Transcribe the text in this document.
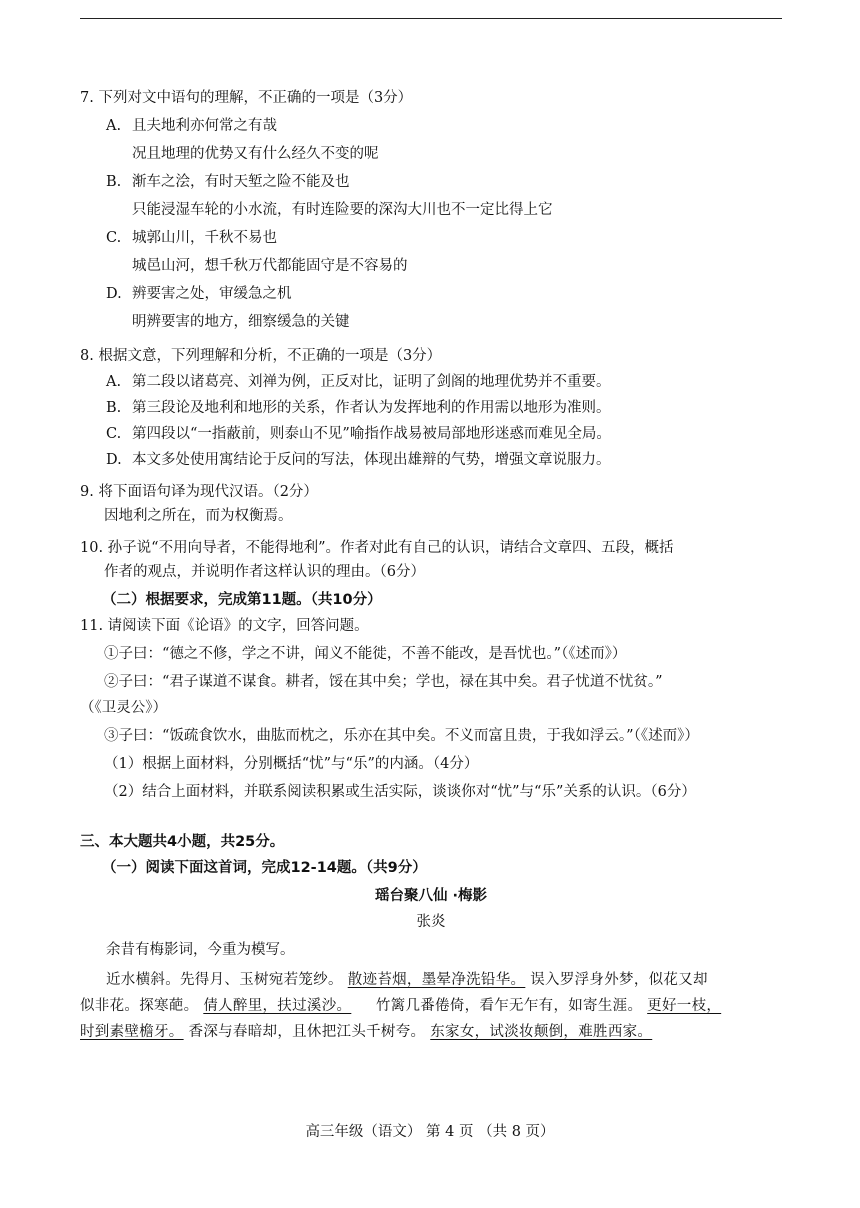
7. 下列对文中语句的理解，不正确的一项是（3分）

A. 且夫地利亦何常之有哉

况且地理的优势又有什么经久不变的呢

B. 渐车之浍，有时天堑之险不能及也

只能浸湿车轮的小水流，有时连险要的深沟大川也不一定比得上它

C. 城郭山川，千秋不易也

城邑山河，想千秋万代都能固守是不容易的

D. 辨要害之处，审缓急之机

明辨要害的地方，细察缓急的关键

8. 根据文意，下列理解和分析，不正确的一项是（3分）

A. 第二段以诸葛亮、刘禅为例，正反对比，证明了剑阁的地理优势并不重要。

B. 第三段论及地利和地形的关系，作者认为发挥地利的作用需以地形为准则。

C. 第四段以“一指蔽前，则泰山不见”喻指作战易被局部地形迷惑而难见全局。

D. 本文多处使用寓结论于反问的写法，体现出雄辩的气势，增强文章说服力。

9. 将下面语句译为现代汉语。（2分）

因地利之所在，而为权衡焉。

10. 孙子说“不用向导者，不能得地利”。作者对此有自己的认识，请结合文章四、五段，概括

作者的观点，并说明作者这样认识的理由。（6分）

（二）根据要求，完成第11题。（共10分）

11. 请阅读下面《论语》的文字，回答问题。

①子曰：“德之不修，学之不讲，闻义不能徙，不善不能改，是吾忧也。”（《述而》）

②子曰：“君子谋道不谋食。耕者，馁在其中矣；学也，禄在其中矣。君子忧道不忧贫。”

（《卫灵公》）

③子曰：“饭疏食饮水，曲肱而枕之，乐亦在其中矣。不义而富且贵，于我如浮云。”（《述而》）

（1）根据上面材料，分别概括“忧”与“乐”的内涵。（4分）

（2）结合上面材料，并联系阅读积累或生活实际，谈谈你对“忧”与“乐”关系的认识。（6分）

三、本大题共4小题，共25分。

（一）阅读下面这首词，完成12-14题。（共9分）

瑶台聚八仙 ·梅影

张炎

余昔有梅影词，今重为模写。

近水横斜。先得月、玉树宛若笼纱。 散迹苔烟，墨晕净洗铅华。 误入罗浮身外梦，似花又却

似非花。探寒葩。 倩人醉里，扶过溪沙。     竹篱几番倦倚，看乍无乍有，如寄生涯。 更好一枝，

时到素壁檐牙。 香深与春暗却，且休把江头千树夸。 东家女，试淡妆颠倒，难胜西家。

高三年级（语文） 第 4 页 （共 8 页）
